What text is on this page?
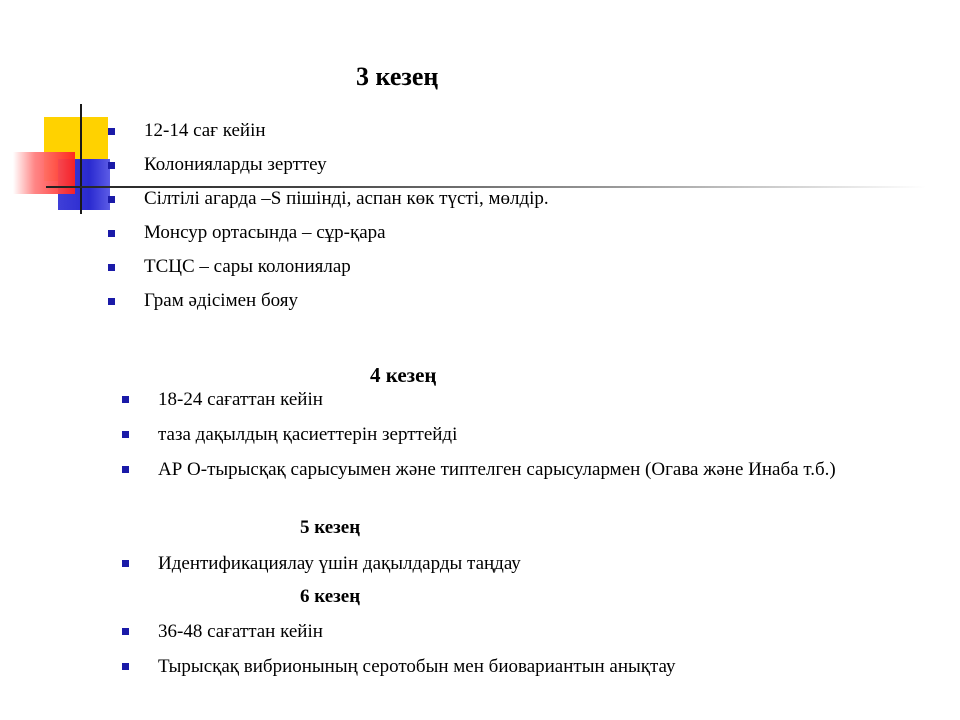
3 кезең
12-14 сағ кейін
Колонияларды зерттеу
Сілтілі агарда –S пішінді, аспан көк түсті, мөлдір.
Монсур ортасында – сұр-қара
ТСЦС – сары колониялар
Грам әдісімен бояу
4 кезең
18-24 сағаттан кейін
таза дақылдың қасиеттерін зерттейді
АР О-тырысқақ сарысуымен және типтелген сарысулармен (Огава және Инаба т.б.)
5 кезең
Идентификациялау үшін дақылдарды таңдау
6 кезең
36-48 сағаттан кейін
Тырысқақ вибрионының серотобын мен биовариантын анықтау
